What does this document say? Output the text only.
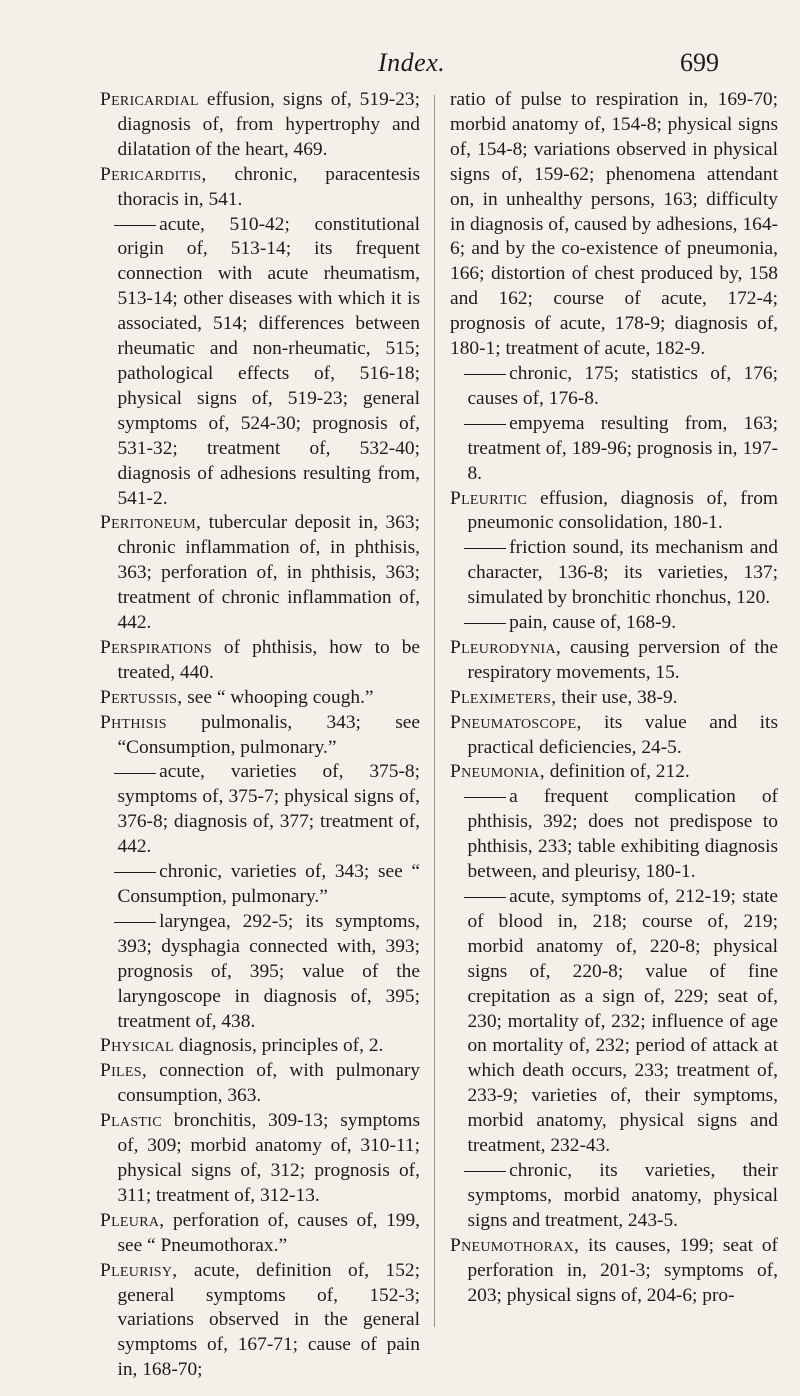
Index.	699

Pericardial effusion, signs of, 519-23; diagnosis of, from hypertrophy and dilatation of the heart, 469.

Pericarditis, chronic, paracentesis thoracis in, 541.

acute, 510-42; constitutional origin of, 513-14; its frequent connection with acute rheumatism, 513-14; other diseases with which it is associated, 514; differences between rheumatic and non-rheumatic, 515; pathological effects of, 516-18; physical signs of, 519-23; general symptoms of, 524-30; prognosis of, 531-32; treatment of, 532-40; diagnosis of adhesions resulting from, 541-2.

Peritoneum, tubercular deposit in, 363; chronic inflammation of, in phthisis, 363; perforation of, in phthisis, 363; treatment of chronic inflammation of, 442.

Perspirations of phthisis, how to be treated, 440.

Pertussis, see “ whooping cough.”

Phthisis pulmonalis, 343; see “Consumption, pulmonary.”

acute, varieties of, 375-8; symptoms of, 375-7; physical signs of, 376-8; diagnosis of, 377; treatment of, 442.

chronic, varieties of, 343; see “ Consumption, pulmonary.”

laryngea, 292-5; its symptoms, 393; dysphagia connected with, 393; prognosis of, 395; value of the laryngoscope in diagnosis of, 395; treatment of, 438.

Physical diagnosis, principles of, 2.

Piles, connection of, with pulmonary consumption, 363.

Plastic bronchitis, 309-13; symptoms of, 309; morbid anatomy of, 310-11; physical signs of, 312; prognosis of, 311; treatment of, 312-13.

Pleura, perforation of, causes of, 199, see “ Pneumothorax.”

Pleurisy, acute, definition of, 152; general symptoms of, 152-3; variations observed in the general symptoms of, 167-71; cause of pain in, 168-70;

ratio of pulse to respiration in, 169-70; morbid anatomy of, 154-8; physical signs of, 154-8; variations observed in physical signs of, 159-62; phenomena attendant on, in unhealthy persons, 163; difficulty in diagnosis of, caused by adhesions, 164-6; and by the co-existence of pneumonia, 166; distortion of chest produced by, 158 and 162; course of acute, 172-4; prognosis of acute, 178-9; diagnosis of, 180-1; treatment of acute, 182-9.

chronic, 175; statistics of, 176; causes of, 176-8.

empyema resulting from, 163; treatment of, 189-96; prognosis in, 197-8.

Pleuritic effusion, diagnosis of, from pneumonic consolidation, 180-1.

friction sound, its mechanism and character, 136-8; its varieties, 137; simulated by bronchitic rhonchus, 120.

pain, cause of, 168-9.

Pleurodynia, causing perversion of the respiratory movements, 15.

Pleximeters, their use, 38-9.

Pneumatoscope, its value and its practical deficiencies, 24-5.

Pneumonia, definition of, 212.

a frequent complication of phthisis, 392; does not predispose to phthisis, 233; table exhibiting diagnosis between, and pleurisy, 180-1.

acute, symptoms of, 212-19; state of blood in, 218; course of, 219; morbid anatomy of, 220-8; physical signs of, 220-8; value of fine crepitation as a sign of, 229; seat of, 230; mortality of, 232; influence of age on mortality of, 232; period of attack at which death occurs, 233; treatment of, 233-9; varieties of, their symptoms, morbid anatomy, physical signs and treatment, 232-43.

chronic, its varieties, their symptoms, morbid anatomy, physical signs and treatment, 243-5.

Pneumothorax, its causes, 199; seat of perforation in, 201-3; symptoms of, 203; physical signs of, 204-6; pro-
